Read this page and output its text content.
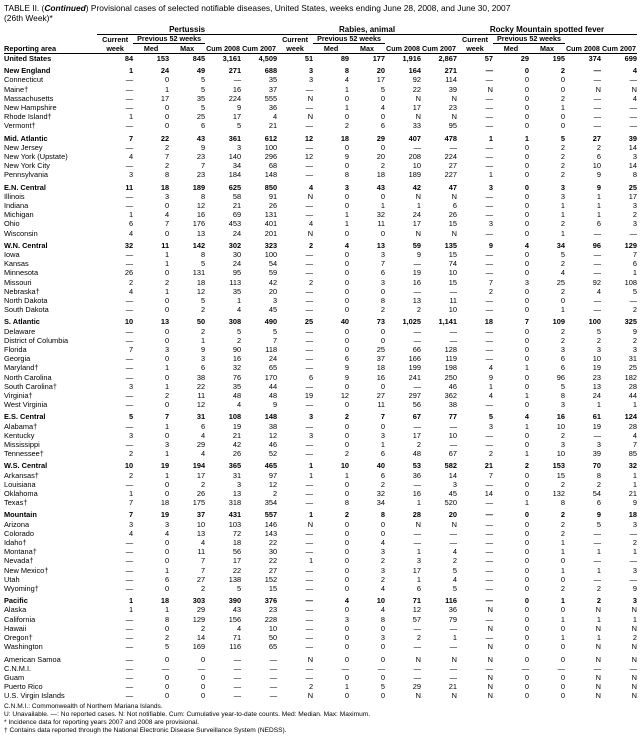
TABLE II. (Continued) Provisional cases of selected notifiable diseases, United States, weeks ending June 28, 2008, and June 30, 2007
(26th Week)*
	Pertussis					Rabies, animal					Rocky Mountain spotted fever				
	Current week	Previous 52 weeks		Cum 2008	Cum 2007	Current week	Previous 52 weeks		Cum 2008	Cum 2007	Current week	Previous 52 weeks		Cum 2008	Cum 2007
Reporting area		Med	Max				Med	Max				Med	Max		
United States	84	153	845	3,161	4,509	51	89	177	1,916	2,867	57	29	195	374	699

New England	1	24	49	271	688	3	8	20	164	271	—	0	2	—	4
Connecticut	—	0	5	—	35	3	4	17	92	114	—	0	0	—	—
Maine†	—	1	5	16	37	—	1	5	22	39	N	0	0	N	N
Massachusetts	—	17	35	224	555	N	0	0	N	N	—	0	2	—	4
New Hampshire	—	0	5	9	36	—	1	4	17	23	—	0	1	—	—
Rhode Island†	1	0	25	17	4	N	0	0	N	N	—	0	0	—	—
Vermont†	—	0	6	5	21	—	2	6	33	95	—	0	0	—	—

Mid. Atlantic	7	22	43	361	612	12	18	29	407	478	1	1	5	27	39
New Jersey	—	2	9	3	100	—	0	0	—	—	—	0	2	2	14
New York (Upstate)	4	7	23	140	296	12	9	20	208	224	—	0	2	6	3
New York City	—	2	7	34	68	—	0	2	10	27	—	0	2	10	14
Pennsylvania	3	8	23	184	148	—	8	18	189	227	1	0	2	9	8

E.N. Central	11	18	189	625	850	4	3	43	42	47	3	0	3	9	25
Illinois	—	3	8	58	91	N	0	0	N	N	—	0	3	1	17
Indiana	—	0	12	21	26	—	0	1	1	6	—	0	1	1	3
Michigan	1	4	16	69	131	—	1	32	24	26	—	0	1	1	2
Ohio	6	7	176	453	401	4	1	11	17	15	3	0	2	6	3
Wisconsin	4	0	13	24	201	N	0	0	N	N	—	0	1	—	—

W.N. Central	32	11	142	302	323	2	4	13	59	135	9	4	34	96	129
Iowa	—	1	8	30	100	—	0	3	9	15	—	0	5	—	7
Kansas	—	1	5	24	54	—	0	7	—	74	—	0	2	—	6
Minnesota	26	0	131	95	59	—	0	6	19	10	—	0	4	—	1
Missouri	2	2	18	113	42	2	0	3	16	15	7	3	25	92	108
Nebraska†	4	1	12	35	20	—	0	0	—	—	2	0	2	4	5
North Dakota	—	0	5	1	3	—	0	8	13	11	—	0	0	—	—
South Dakota	—	0	2	4	45	—	0	2	2	10	—	0	1	—	2

S. Atlantic	10	13	50	308	490	25	40	73	1,025	1,141	18	7	109	100	325
Delaware	—	0	2	5	5	—	0	0	—	—	—	0	2	5	9
District of Columbia	—	0	1	2	7	—	0	0	—	—	—	0	2	2	2
Florida	7	3	9	90	118	—	0	25	66	128	—	0	3	3	3
Georgia	—	0	3	16	24	—	6	37	166	119	—	0	6	10	31
Maryland†	—	1	6	32	65	—	9	18	199	198	4	1	6	19	25
North Carolina	—	0	38	76	170	6	9	16	241	250	9	0	96	23	182
South Carolina†	3	1	22	35	44	—	0	0	—	46	1	0	5	13	28
Virginia†	—	2	11	48	48	19	12	27	297	362	4	1	8	24	44
West Virginia	—	0	12	4	9	—	0	11	56	38	—	0	3	1	1

E.S. Central	5	7	31	108	148	3	2	7	67	77	5	4	16	61	124
Alabama†	—	1	6	19	38	—	0	0	—	—	3	1	10	19	28
Kentucky	3	0	4	21	12	3	0	3	17	10	—	0	2	—	4
Mississippi	—	3	29	42	46	—	0	1	2	—	—	0	3	3	7
Tennessee†	2	1	4	26	52	—	2	6	48	67	2	1	10	39	85

W.S. Central	10	19	194	365	465	1	10	40	53	582	21	2	153	70	32
Arkansas†	2	1	17	31	97	1	1	6	36	14	7	0	15	8	1
Louisiana	—	0	2	3	12	—	0	2	—	3	—	0	2	2	1
Oklahoma	1	0	26	13	2	—	0	32	16	45	14	0	132	54	21
Texas†	7	18	175	318	354	—	8	34	1	520	—	1	8	6	9

Mountain	7	19	37	431	557	1	2	8	28	20	—	0	2	9	18
Arizona	3	3	10	103	146	N	0	0	N	N	—	0	2	5	3
Colorado	4	4	13	72	143	—	0	0	—	—	—	0	2	—	—
Idaho†	—	0	4	18	22	—	0	4	—	—	—	0	1	—	2
Montana†	—	0	11	56	30	—	0	3	1	4	—	0	1	1	1
Nevada†	—	0	7	17	22	1	0	2	3	2	—	0	0	—	—
New Mexico†	—	1	7	22	27	—	0	3	17	5	—	0	1	1	3
Utah	—	6	27	138	152	—	0	2	1	4	—	0	0	—	—
Wyoming†	—	0	2	5	15	—	0	4	6	5	—	0	2	2	9

Pacific	1	18	303	390	376	—	4	10	71	116	—	0	1	2	3
Alaska	1	1	29	43	23	—	0	4	12	36	N	0	0	N	N
California	—	8	129	156	228	—	3	8	57	79	—	0	1	1	1
Hawaii	—	0	2	4	10	—	0	0	—	—	N	0	0	N	N
Oregon†	—	2	14	71	50	—	0	3	2	1	—	0	1	1	2
Washington	—	5	169	116	65	—	0	0	—	—	N	0	0	N	N

American Samoa	—	0	0	—	—	N	0	0	N	N	N	0	0	N	N
C.N.M.I.	—	—	—	—	—	—	—	—	—	—	—	—	—	—	—
Guam	—	0	0	—	—	—	0	0	—	—	N	0	0	N	N
Puerto Rico	—	0	0	—	—	2	1	5	29	21	N	0	0	N	N
U.S. Virgin Islands	—	0	0	—	—	N	0	0	N	N	N	0	0	N	N
C.N.M.I.: Commonwealth of Northern Mariana Islands.
U: Unavailable. —: No reported cases. N: Not notifiable. Cum: Cumulative year-to-date counts. Med: Median. Max: Maximum.
* Incidence data for reporting years 2007 and 2008 are provisional.
† Contains data reported through the National Electronic Disease Surveillance System (NEDSS).
